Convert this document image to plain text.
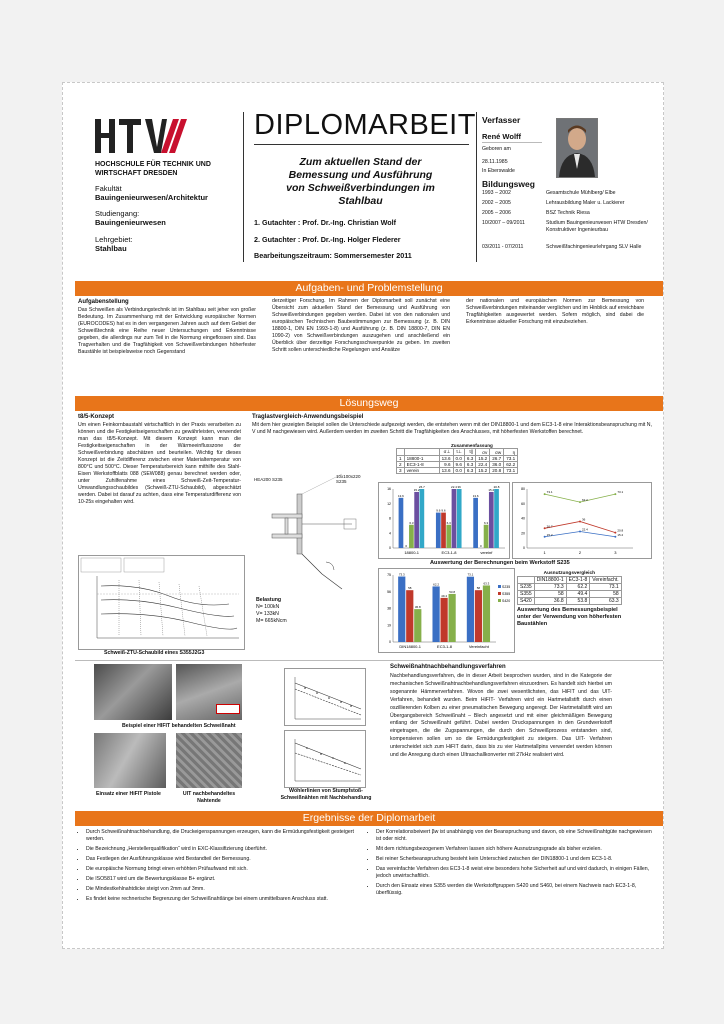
HOCHSCHULE FÜR TECHNIK UND
WIRTSCHAFT DRESDEN
Fakultät
Bauingenieurwesen/Architektur
Studiengang:
Bauingenieurwesen
Lehrgebiet:
Stahlbau
DIPLOMARBEIT
Zum aktuellen Stand der
Bemessung und Ausführung
von Schweißverbindungen im
Stahlbau
1. Gutachter : Prof. Dr.-Ing. Christian Wolf
2. Gutachter : Prof. Dr.-Ing. Holger Flederer
Bearbeitungszeitraum: Sommersemester 2011
Verfasser
René Wolff
Geboren am
28.11.1985
In Eberswalde
Bildungsweg
1993 – 2002	Gesamtschule Mühlberg/ Elbe
2002 – 2005	Lehrausbildung Maler u. Lackierer
2005 – 2006	BSZ Technik Riesa
10/2007 – 09/2011	Studium Bauingenieurwesen HTW Dresden/ Konstruktiver Ingenieurbau
03/2011 - 07/2011	Schweißfachingenieurlehrgang SLV Halle
Aufgaben- und Problemstellung
Aufgabenstellung
Das Schweißen als Verbindungstechnik ist im Stahlbau seit jeher von großer Bedeutung. Im Zusammenhang mit der Entwicklung europäischer Normen (EUROCODES) hat es in den vergangenen Jahren auch auf dem Gebiet der Schweißtechnik eine Reihe neuer Untersuchungen und Erkenntnisse gegeben, die allerdings nur zum Teil in die Normung eingeflossen sind. Das Tragverhalten und die Tragfähigkeit von Schweißverbindungen höherfester Baustähle ist beispielsweise noch Gegenstand
derzeitiger Forschung. Im Rahmen der Diplomarbeit soll zunächst eine Übersicht zum aktuellen Stand der Bemessung und Ausführung von Schweißverbindungen gegeben werden. Dabei ist von den nationalen und europäischen Technischen Baubestimmungen zur Bemessung (z. B. DIN 18800-1, DIN EN 1993-1-8) und Ausführung (z. B. DIN 18800-7, DIN EN 1090-2) von Schweißverbindungen auszugehen und anschließend ein Überblick über derzeitige Forschungsschwerpunkte zu geben. Im zweiten Schritt sollen unterschiedliche Regelungen und Ansätze
der nationalen und europäischen Normen zur Bemessung von Schweißverbindungen miteinander verglichen und im Hinblick auf erreichbare Tragfähigkeiten ausgewertet werden. Sofern möglich, sind dabei die Erkenntnisse aktueller Forschung mit einzubeziehen.
Lösungsweg
t8/5-Konzept
Um einen Feinkornbaustahl wirtschaftlich in der Praxis verarbeiten zu können und die Festigkeitseigenschaften zu gewährleisten, verwendet man das t8/5-Konzept. Mit diesem Konzept kann man die Festigkeitseigenschaften in der Wärmeeinflusszone der Schweißverbindung abschätzen und beurteilen. Wichtig für dieses Konzept ist die Zeitdifferenz zwischen einer Materialtemperatur von 800°C und 500°C. Dieser Temperaturbereich kann mithilfe des Stahl-Eisen Werkstoffblatts 088 (SEW088) genau berechnet werden oder, unter Zuhilfenahme eines Schweiß-Zeit-Temperatur-Umwandlungsschaubildes (Schweiß-ZTU-Schaubild), abgeschätzt werden. Dabei ist darauf zu achten, dass eine Temperaturdifferenz von 10-25s eingehalten wird.
Schweiß-ZTU-Schaubild eines S355J2G3
Traglastvergleich-Anwendungsbeispiel
Mit dem hier gezeigten Beispiel sollen die Unterschiede aufgezeigt werden, die entstehen wenn mit der DIN18800-1 und dem EC3-1-8 eine Interaktionsbeanspruchung mit N, V und M nachgewiesen wird. Außerdem werden im zweiten Schritt die Tragfähigkeiten des Anschlusses, mit höherfesten Werkstoffen berechnet.
HEA200 S235
10x100x220 S235
Zusammenfassung
		σ⊥	τ⊥	τ∥	σv	σw	η
1	18800-1	13.6	0.0	6.3	15.2	26.7	73.1
2	EC3-1-8	9.6	9.6	6.3	22.4	36.0	62.2
3	verein	13.6	0.0	6.3	15.2	20.8	73.1
18800-1
13.6
0
6.3
15.2
26.7
EC3-1-8
9.6 9.6
6.3
22.4 36
vereinf
13.6
0
6.3
15.2
20.8
0
4
8
12
16
1	2	3
0
20
40
60
80
73.1
62.2
73.1
26.7
36
20.8
15.2
22.4
15.2
Auswertung der Berechnungen beim Werkstoff S235
Belastung
N= 100kN
V= 133kN
M= 665kNcm
DIN18800-1
73.3
58
36.8
EC3-1-8
62.2
49.4
53.8
Vereinfacht
73.1
58
63.3
0
19
38
56
75
S235
S355
S420
Ausnutzungsvergleich
	DIN18800-1	EC3-1-8	Vereinfacht.
S235	73.3	62.2	73.1
S355	58	49.4	58
S420	36.8	53.8	63.3
Auswertung des Bemessungsbeispiel
unter der Verwendung von höherfesten
Baustählen
Beispiel einer HIFIT behandelten Schweißnaht
Einsatz einer HiFIT Pistole	UIT nachbehandeltes Nahtende
Wöhlerlinien von Stumpfstoß-
Schweißnähten mit Nachbehandlung
Schweißnahtnachbehandlungsverfahren
Nachbehandlungsverfahren, die in dieser Arbeit besprochen wurden, sind in die Kategorie der mechanischen Schweißnahtnachbehandlungsverfahren einzuordnen. Es handelt sich hierbei um sogenannte Hämmerverfahren. Wovon die zwei wesentlichsten, das HiFIT und das UIT-Verfahren, behandelt wurden. Beim HiFIT- Verfahren wird ein Hartmetallstift durch einen oszillierenden Kolben zu einer pneumatischen Bewegung angeregt. Der Hartmetallstift wird am Übergangsbereich Schweißnaht – Blech angesetzt und mit einer gleichmäßigen Bewegung entlang der Schweißnaht geführt. Dabei werden Druckspannungen in den Grundwerkstoff eingetragen, die die Zugspannungen, die durch den Schweißprozess entstanden sind, kompensieren sollen um so die Ermüdungsfestigkeit zu steigern. Das UIT- Verfahren unterscheidet sich zum HiFIT darin, dass bis zu vier Hartmetallpins verwendet werden können und die Anregung durch einen Ultraschallkonverter mit 27kHz realisiert wird.
Ergebnisse der Diplomarbeit
• Durch Schweißnahtnachbehandlung, die Druckeigenspannungen erzeugen, kann die Ermüdungsfestigkeit gesteigert werden.
• Die Bezeichnung „Herstellerqualifikation“ wird in EXC-Klassifizierung überführt.
• Das Festlegen der Ausführungsklasse wird Bestandteil der Bemessung.
• Die europäische Normung bringt einen erhöhten Prüfaufwand mit sich.
• Die ISO5817 wird um die Bewertungsklasse B+ ergänzt.
• Die Mindestkehlnahtdicke steigt von 2mm auf 3mm.
• Es findet keine rechnerische Begrenzung der Schweißnahtlänge bei einem unmittelbaren Anschluss statt.
• Der Korrelationsbeiwert βw ist unabhängig von der Beanspruchung und davon, ob eine Schweißnahtgüte nachgewiesen ist oder nicht.
• Mit dem richtungsbezogenem Verfahren lassen sich höhere Ausnutzungsgrade als bisher erzielen.
• Bei reiner Scherbeanspruchung besteht kein Unterschied zwischen der DIN18800-1 und dem EC3-1-8.
• Das vereinfachte Verfahren des EC3-1-8 weist eine besonders hohe Sicherheit auf und wird dadurch, in einigen Fällen, jedoch unwirtschaftlich.
• Durch den Einsatz eines S355 werden die Werkstoffgruppen S420 und S460, bei einem Nachweis nach EC3-1-8, überflüssig.
